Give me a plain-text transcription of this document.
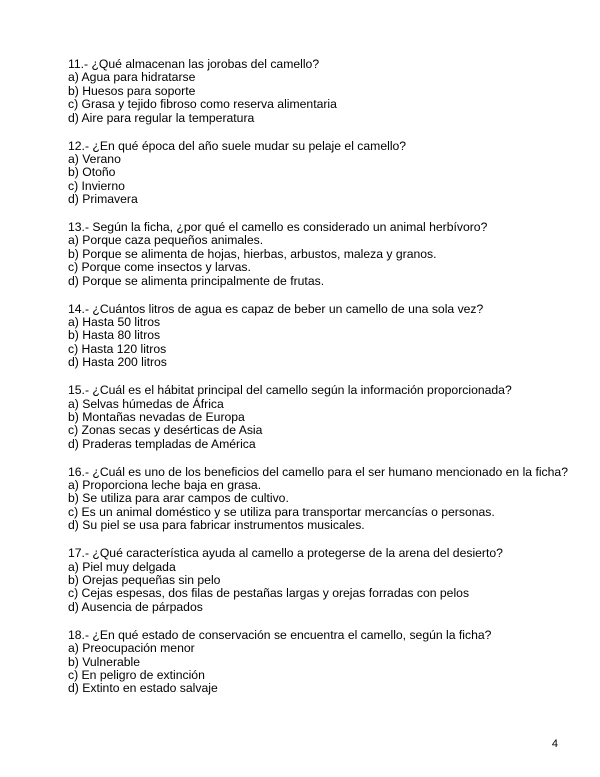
11.- ¿Qué almacenan las jorobas del camello?
a) Agua para hidratarse
b) Huesos para soporte
c) Grasa y tejido fibroso como reserva alimentaria
d) Aire para regular la temperatura
12.- ¿En qué época del año suele mudar su pelaje el camello?
a) Verano
b) Otoño
c) Invierno
d) Primavera
13.- Según la ficha, ¿por qué el camello es considerado un animal herbívoro?
a) Porque caza pequeños animales.
b) Porque se alimenta de hojas, hierbas, arbustos, maleza y granos.
c) Porque come insectos y larvas.
d) Porque se alimenta principalmente de frutas.
14.- ¿Cuántos litros de agua es capaz de beber un camello de una sola vez?
a) Hasta 50 litros
b) Hasta 80 litros
c) Hasta 120 litros
d) Hasta 200 litros
15.- ¿Cuál es el hábitat principal del camello según la información proporcionada?
a) Selvas húmedas de África
b) Montañas nevadas de Europa
c) Zonas secas y desérticas de Asia
d) Praderas templadas de América
16.- ¿Cuál es uno de los beneficios del camello para el ser humano mencionado en la ficha?
a) Proporciona leche baja en grasa.
b) Se utiliza para arar campos de cultivo.
c) Es un animal doméstico y se utiliza para transportar mercancías o personas.
d) Su piel se usa para fabricar instrumentos musicales.
17.- ¿Qué característica ayuda al camello a protegerse de la arena del desierto?
a) Piel muy delgada
b) Orejas pequeñas sin pelo
c) Cejas espesas, dos filas de pestañas largas y orejas forradas con pelos
d) Ausencia de párpados
18.- ¿En qué estado de conservación se encuentra el camello, según la ficha?
a) Preocupación menor
b) Vulnerable
c) En peligro de extinción
d) Extinto en estado salvaje
4
